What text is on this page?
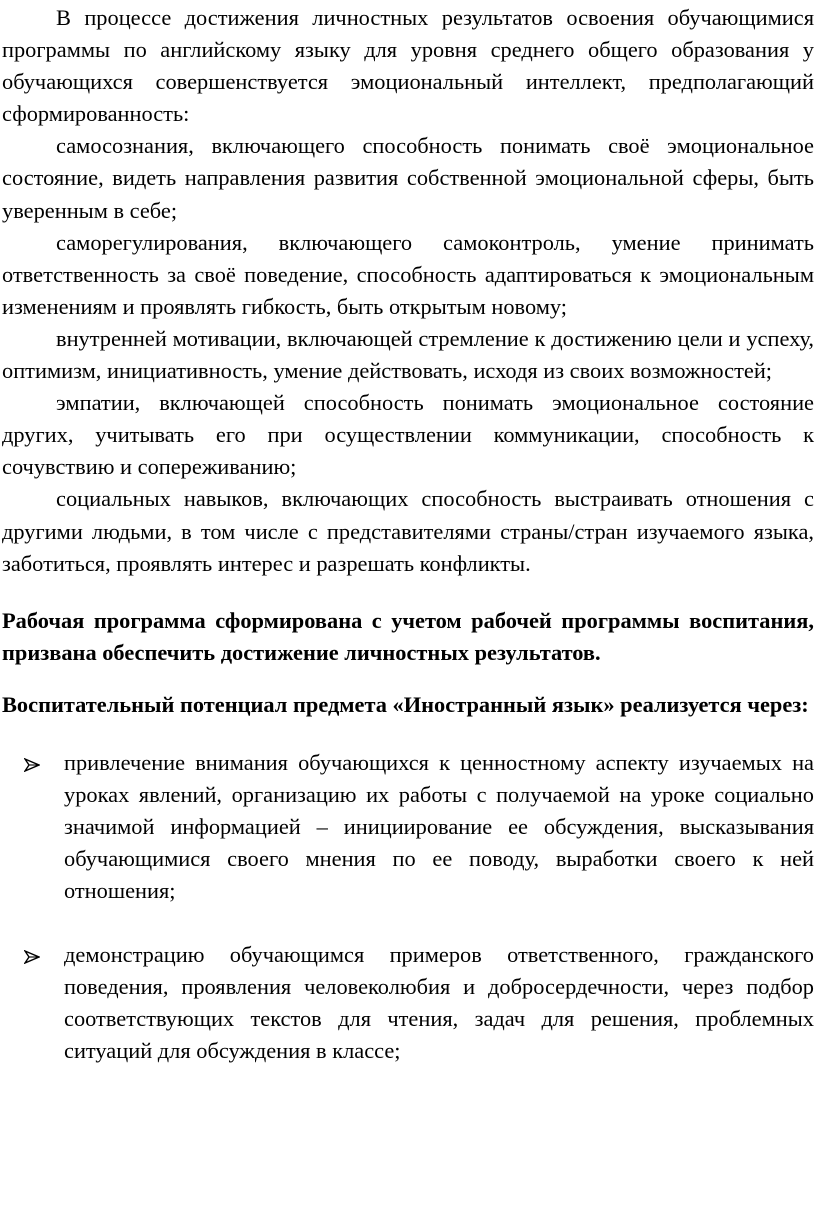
В процессе достижения личностных результатов освоения обучающимися программы по английскому языку для уровня среднего общего образования у обучающихся совершенствуется эмоциональный интеллект, предполагающий сформированность:

самосознания, включающего способность понимать своё эмоциональное состояние, видеть направления развития собственной эмоциональной сферы, быть уверенным в себе;

саморегулирования, включающего самоконтроль, умение принимать ответственность за своё поведение, способность адаптироваться к эмоциональным изменениям и проявлять гибкость, быть открытым новому;

внутренней мотивации, включающей стремление к достижению цели и успеху, оптимизм, инициативность, умение действовать, исходя из своих возможностей;

эмпатии, включающей способность понимать эмоциональное состояние других, учитывать его при осуществлении коммуникации, способность к сочувствию и сопереживанию;

социальных навыков, включающих способность выстраивать отношения с другими людьми, в том числе с представителями страны/стран изучаемого языка, заботиться, проявлять интерес и разрешать конфликты.

Рабочая программа сформирована с учетом рабочей программы воспитания, призвана обеспечить достижение личностных результатов.

Воспитательный потенциал предмета «Иностранный язык» реализуется через:

привлечение внимания обучающихся к ценностному аспекту изучаемых на уроках явлений, организацию их работы с получаемой на уроке социально значимой информацией – инициирование ее обсуждения, высказывания обучающимися своего мнения по ее поводу, выработки своего к ней отношения;
демонстрацию обучающимся примеров ответственного, гражданского поведения, проявления человеколюбия и добросердечности, через подбор соответствующих текстов для чтения, задач для решения, проблемных ситуаций для обсуждения в классе;
